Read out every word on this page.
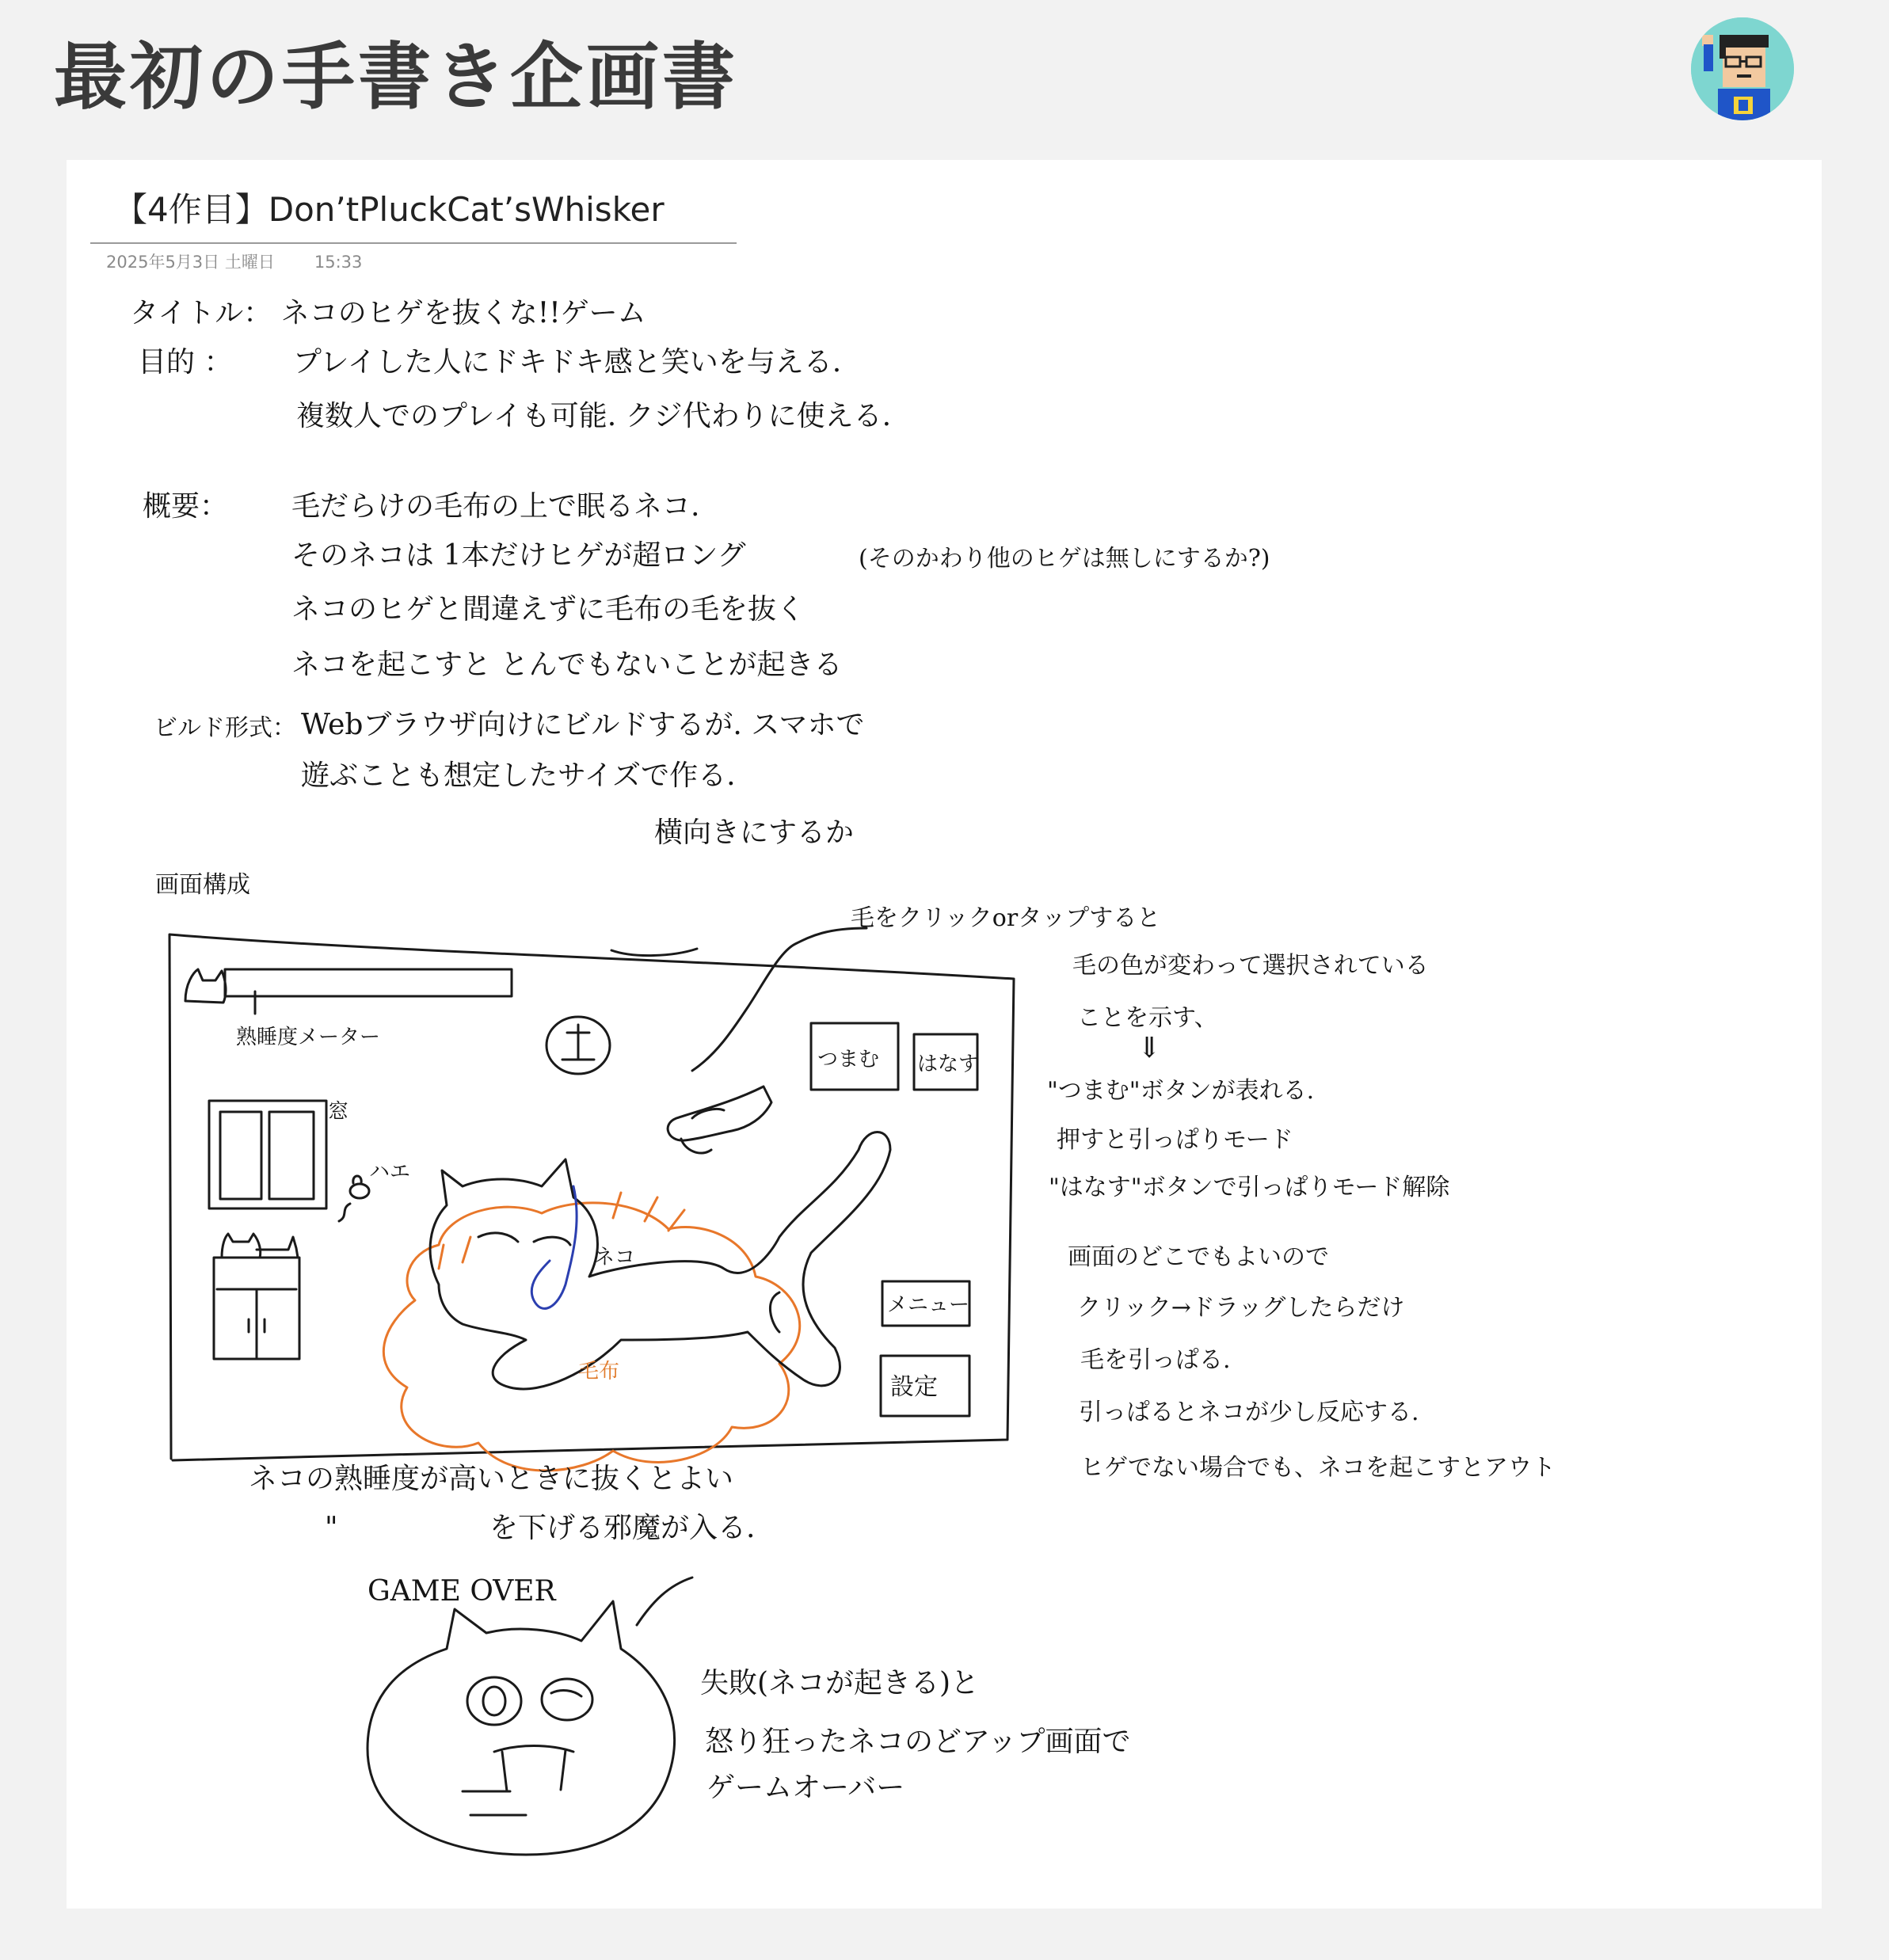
最初の手書き企画書
【4作目】Don’tPluckCat’sWhisker
2025年5月3日 土曜日 15:33
タイトル： ネコのヒゲを抜くな!!ゲーム
目的 ： プレイした人にドキドキ感と笑いを与える.
複数人でのプレイも可能. クジ代わりに使える.
概要： 毛だらけの毛布の上で眠るネコ.
そのネコは 1本だけヒゲが超ロング	(そのかわり他のヒゲは無しにするか?)
ネコのヒゲと間違えずに毛布の毛を抜く
ネコを起こすと とんでもないことが起きる
ビルド形式： Webブラウザ向けにビルドするが. スマホで
遊ぶことも想定したサイズで作る.
横向きにするか
画面構成
熟睡度メーター
窓
ハエ
ネコ
毛布
つまむ はなす
メニュー
設定
毛をクリックorタップすると
毛の色が変わって選択されている
ことを示す、
⇓
"つまむ"ボタンが表れる.
押すと引っぱりモード
"はなす"ボタンで引っぱりモード解除
画面のどこでもよいので
クリック→ドラッグしたらだけ
毛を引っぱる.
引っぱるとネコが少し反応する.
ヒゲでない場合でも、ネコを起こすとアウト
ネコの熟睡度が高いときに抜くとよい
"	を下げる邪魔が入る.
GAME OVER
失敗(ネコが起きる)と
怒り狂ったネコのどアップ画面で
ゲームオーバー
